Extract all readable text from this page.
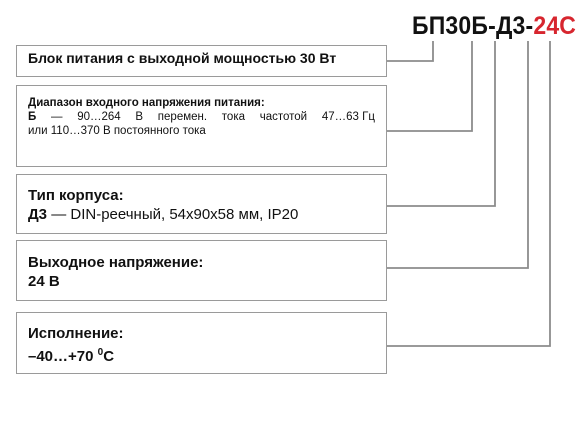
БП30Б-Д3-24С
Блок питания с выходной мощностью 30 Вт
Диапазон входного напряжения питания:
Б — 90…264 В перемен. тока частотой 47…63 Гц
или 110…370 В постоянного тока
Тип корпуса:
Д3 — DIN-реечный, 54x90x58 мм, IP20
Выходное напряжение:
24 В
Исполнение:
–40…+70 $^0$С
